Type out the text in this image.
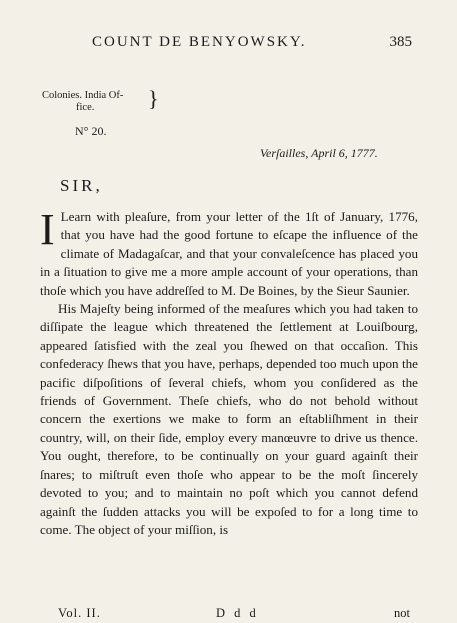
COUNT DE BENYOWSKY.	385
Colonies. India Of-
fice.	}
N° 20.
Verſailles, April 6, 1777.
SIR,

I Learn with pleaſure, from your letter of the 1ſt of January, 1776, that you have had the good fortune to eſcape the influence of the climate of Madagaſcar, and that your convaleſcence has placed you in a ſituation to give me a more ample account of your operations, than thoſe which you have addreſſed to M. De Boines, by the Sieur Saunier.

His Majeſty being informed of the meaſures which you had taken to diſſipate the league which threatened the ſettlement at Louiſbourg, appeared ſatisfied with the zeal you ſhewed on that occaſion. This confederacy ſhews that you have, perhaps, depended too much upon the pacific diſpoſitions of ſeveral chiefs, whom you conſidered as the friends of Government. Theſe chiefs, who do not behold without concern the exertions we make to form an eſtabliſhment in their country, will, on their ſide, employ every manœuvre to drive us thence. You ought, therefore, to be continually on your guard againſt their ſnares; to miſtruſt even thoſe who appear to be the moſt ſincerely devoted to you; and to maintain no poſt which you cannot defend againſt the ſudden attacks you will be expoſed to for a long time to come. The object of your miſſion, is

Vol. II.	D d d	not
